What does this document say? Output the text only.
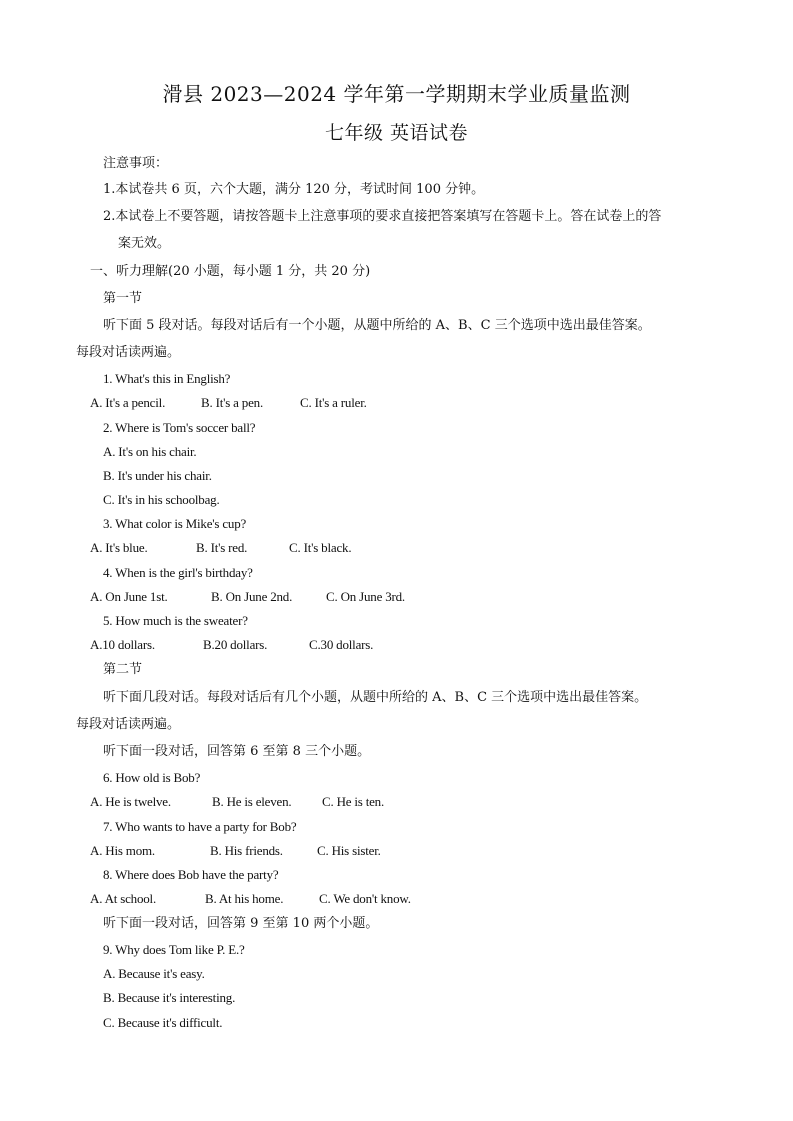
滑县 2023—2024 学年第一学期期末学业质量监测
七年级 英语试卷
注意事项：
1.本试卷共 6 页，六个大题，满分 120 分，考试时间 100 分钟。
2.本试卷上不要答题，请按答题卡上注意事项的要求直接把答案填写在答题卡上。答在试卷上的答
案无效。
一、听力理解(20 小题，每小题 1 分，共 20 分)
第一节
听下面 5 段对话。每段对话后有一个小题，从题中所给的 A、B、C 三个选项中选出最佳答案。
每段对话读两遍。
1. What's this in English?
A. It's a pencil.	B. It's a pen.	C. It's a ruler.
2. Where is Tom's soccer ball?
A. It's on his chair.
B. It's under his chair.
C. It's in his schoolbag.
3. What color is Mike's cup?
A. It's blue.	B. It's red.	C. It's black.
4. When is the girl's birthday?
A. On June 1st.	B. On June 2nd.	C. On June 3rd.
5. How much is the sweater?
A.10 dollars.	B.20 dollars.	C.30 dollars.
第二节
听下面几段对话。每段对话后有几个小题，从题中所给的 A、B、C 三个选项中选出最佳答案。
每段对话读两遍。
听下面一段对话，回答第 6 至第 8 三个小题。
6. How old is Bob?
A. He is twelve.	B. He is eleven. C. He is ten.
7. Who wants to have a party for Bob?
A. His mom.	B. His friends.	C. His sister.
8. Where does Bob have the party?
A. At school.	B. At his home.	C. We don't know.
听下面一段对话，回答第 9 至第 10 两个小题。
9. Why does Tom like P. E.?
A. Because it's easy.
B. Because it's interesting.
C. Because it's difficult.
